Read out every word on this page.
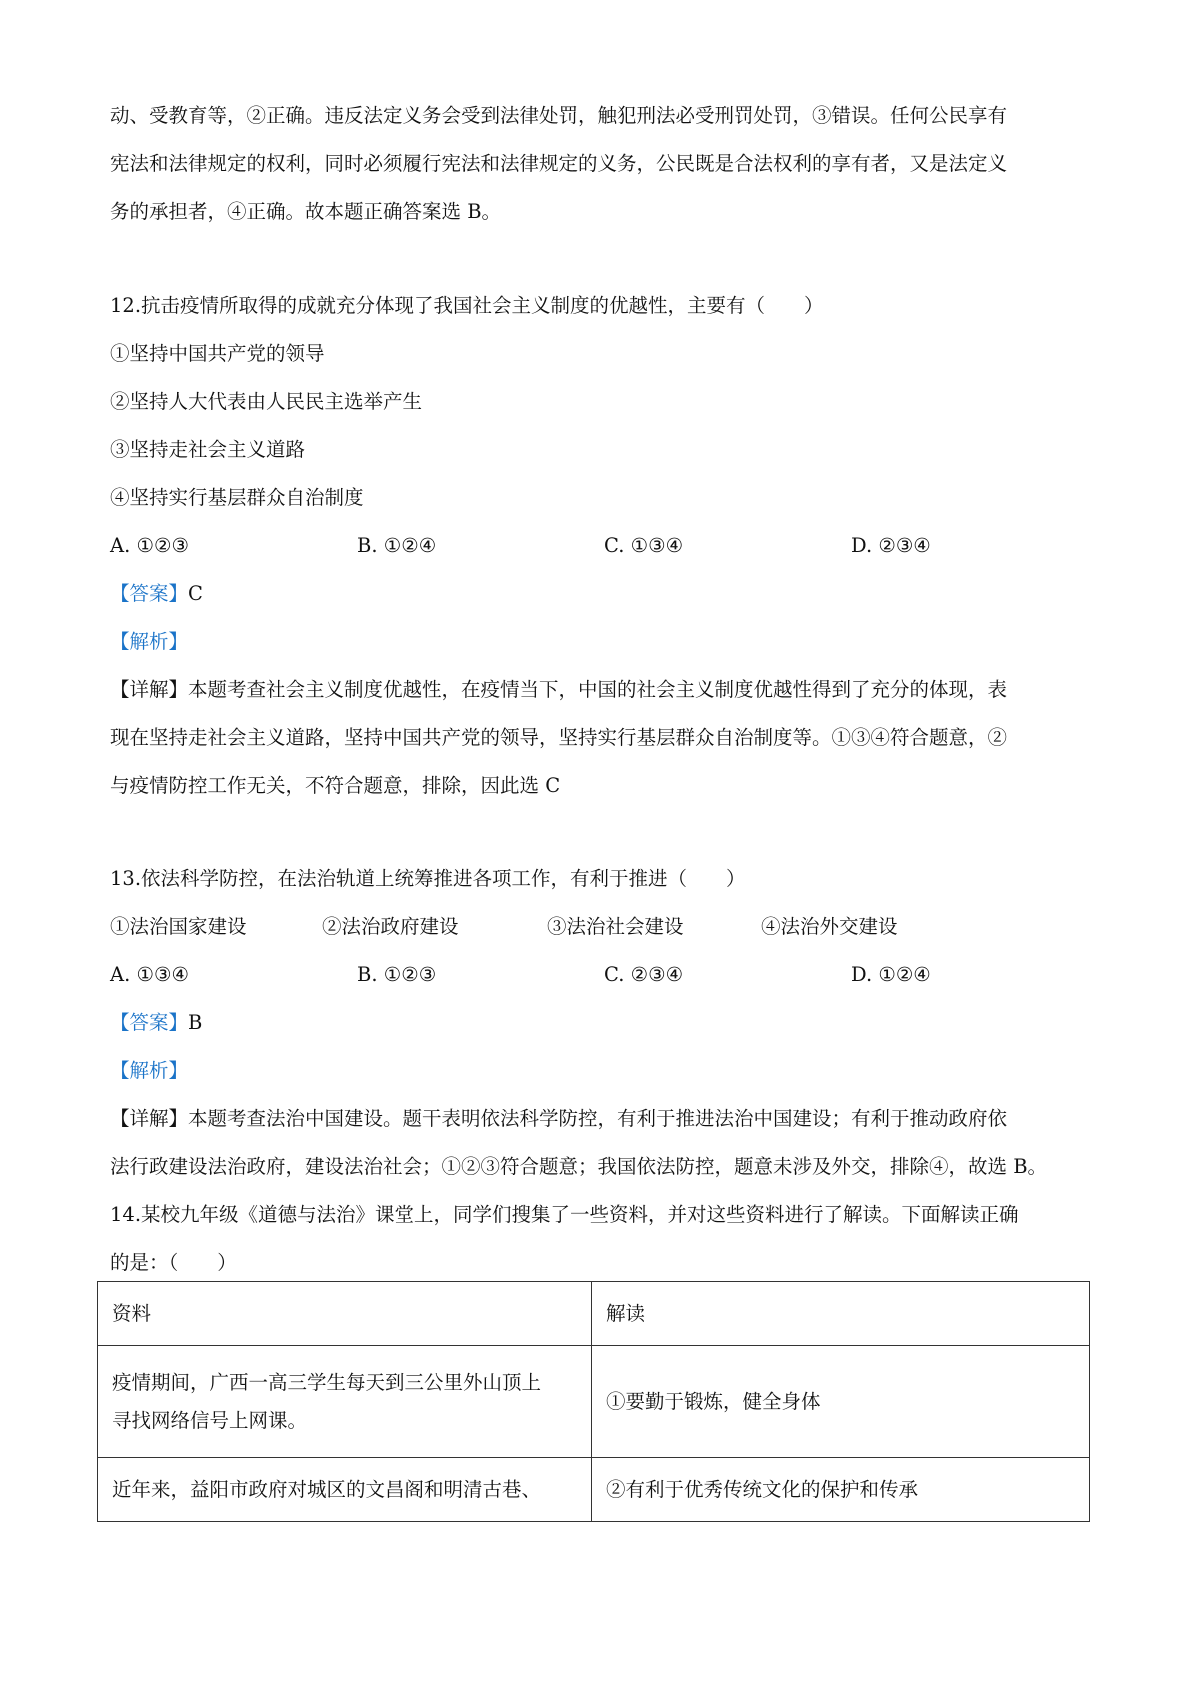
动、受教育等，②正确。违反法定义务会受到法律处罚，触犯刑法必受刑罚处罚，③错误。任何公民享有
宪法和法律规定的权利，同时必须履行宪法和法律规定的义务，公民既是合法权利的享有者，又是法定义
务的承担者，④正确。故本题正确答案选 B。
12.抗击疫情所取得的成就充分体现了我国社会主义制度的优越性，主要有（　　）
①坚持中国共产党的领导
②坚持人大代表由人民民主选举产生
③坚持走社会主义道路
④坚持实行基层群众自治制度
A. ①②③	B. ①②④	C. ①③④	D. ②③④
【答案】C
【解析】
【详解】本题考查社会主义制度优越性，在疫情当下，中国的社会主义制度优越性得到了充分的体现，表
现在坚持走社会主义道路，坚持中国共产党的领导，坚持实行基层群众自治制度等。①③④符合题意，②
与疫情防控工作无关，不符合题意，排除，因此选 C
13.依法科学防控，在法治轨道上统筹推进各项工作，有利于推进（　　）
①法治国家建设	②法治政府建设	③法治社会建设	④法治外交建设
A. ①③④	B. ①②③	C. ②③④	D. ①②④
【答案】B
【解析】
【详解】本题考查法治中国建设。题干表明依法科学防控，有利于推进法治中国建设；有利于推动政府依
法行政建设法治政府，建设法治社会；①②③符合题意；我国依法防控，题意未涉及外交，排除④，故选 B。
14.某校九年级《道德与法治》课堂上，同学们搜集了一些资料，并对这些资料进行了解读。下面解读正确
的是：（　　）
资料	解读

疫情期间，广西一高三学生每天到三公里外山顶上
寻找网络信号上网课。	①要勤于锻炼，健全身体

近年来，益阳市政府对城区的文昌阁和明清古巷、	②有利于优秀传统文化的保护和传承
